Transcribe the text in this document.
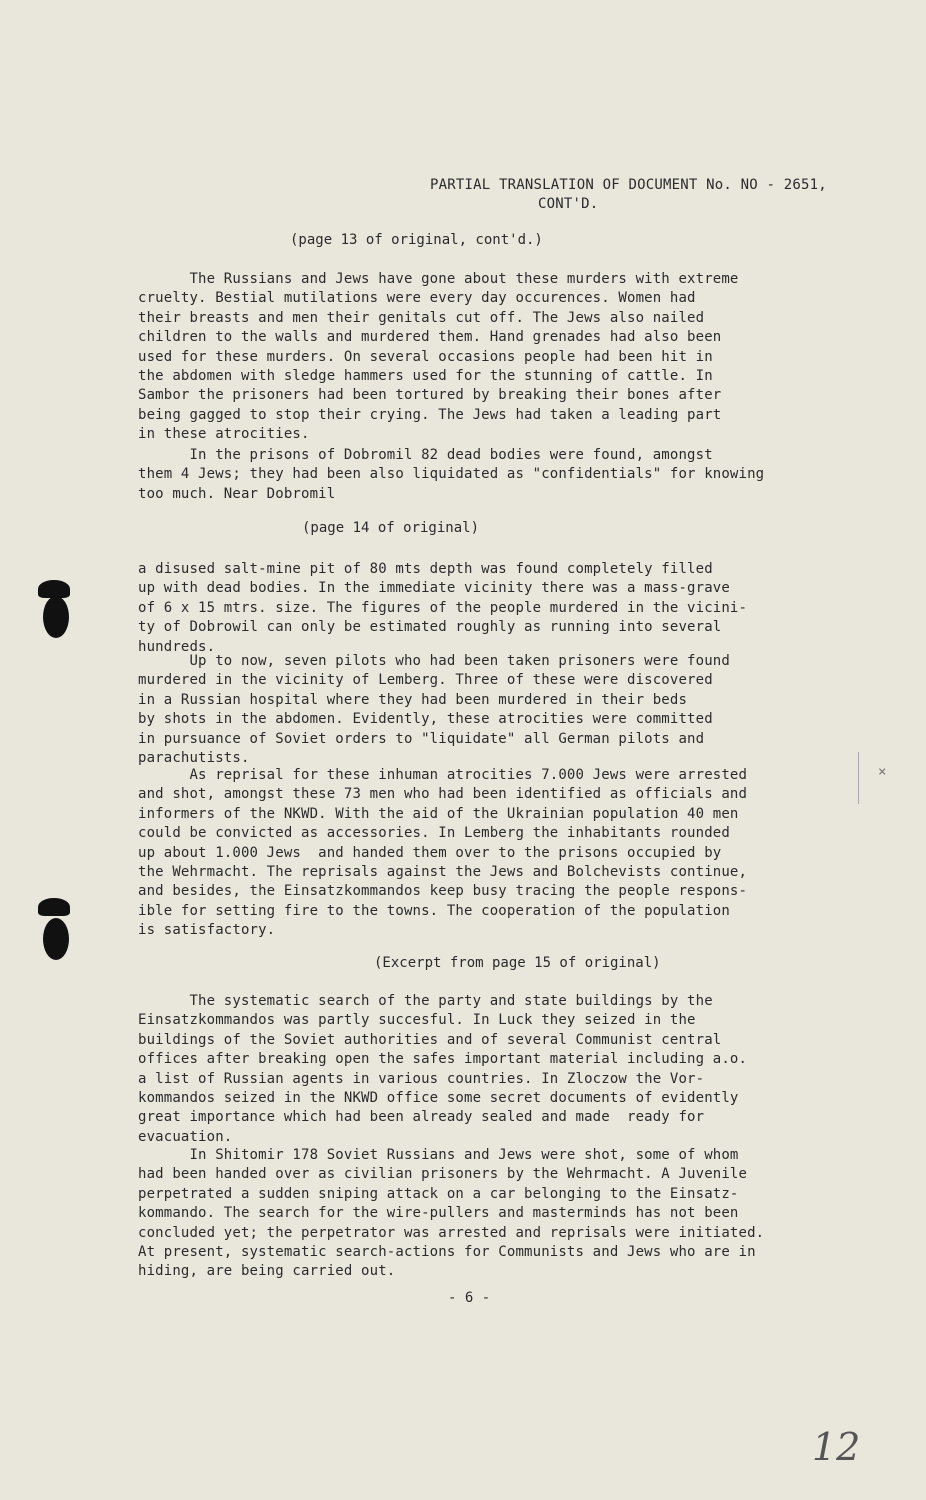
PARTIAL TRANSLATION OF DOCUMENT No. NO - 2651,
CONT'D.
(page 13 of original, cont'd.)

The Russians and Jews have gone about these murders with extreme
cruelty. Bestial mutilations were every day occurences. Women had
their breasts and men their genitals cut off. The Jews also nailed
children to the walls and murdered them. Hand grenades had also been
used for these murders. On several occasions people had been hit in
the abdomen with sledge hammers used for the stunning of cattle. In
Sambor the prisoners had been tortured by breaking their bones after
being gagged to stop their crying. The Jews had taken a leading part
in these atrocities.

In the prisons of Dobromil 82 dead bodies were found, amongst
them 4 Jews; they had been also liquidated as "confidentials" for knowing
too much. Near Dobromil

(page 14 of original)

a disused salt-mine pit of 80 mts depth was found completely filled
up with dead bodies. In the immediate vicinity there was a mass-grave
of 6 x 15 mtrs. size. The figures of the people murdered in the vicini-
ty of Dobrowil can only be estimated roughly as running into several
hundreds.

Up to now, seven pilots who had been taken prisoners were found
murdered in the vicinity of Lemberg. Three of these were discovered
in a Russian hospital where they had been murdered in their beds
by shots in the abdomen. Evidently, these atrocities were committed
in pursuance of Soviet orders to "liquidate" all German pilots and
parachutists.

×

As reprisal for these inhuman atrocities 7.000 Jews were arrested
and shot, amongst these 73 men who had been identified as officials and
informers of the NKWD. With the aid of the Ukrainian population 40 men
could be convicted as accessories. In Lemberg the inhabitants rounded
up about 1.000 Jews  and handed them over to the prisons occupied by
the Wehrmacht. The reprisals against the Jews and Bolchevists continue,
and besides, the Einsatzkommandos keep busy tracing the people respons-
ible for setting fire to the towns. The cooperation of the population
is satisfactory.

(Excerpt from page 15 of original)

The systematic search of the party and state buildings by the
Einsatzkommandos was partly succesful. In Luck they seized in the
buildings of the Soviet authorities and of several Communist central
offices after breaking open the safes important material including a.o.
a list of Russian agents in various countries. In Zloczow the Vor-
kommandos seized in the NKWD office some secret documents of evidently
great importance which had been already sealed and made  ready for
evacuation.

In Shitomir 178 Soviet Russians and Jews were shot, some of whom
had been handed over as civilian prisoners by the Wehrmacht. A Juvenile
perpetrated a sudden sniping attack on a car belonging to the Einsatz-
kommando. The search for the wire-pullers and masterminds has not been
concluded yet; the perpetrator was arrested and reprisals were initiated.
At present, systematic search-actions for Communists and Jews who are in
hiding, are being carried out.

- 6 -
12
